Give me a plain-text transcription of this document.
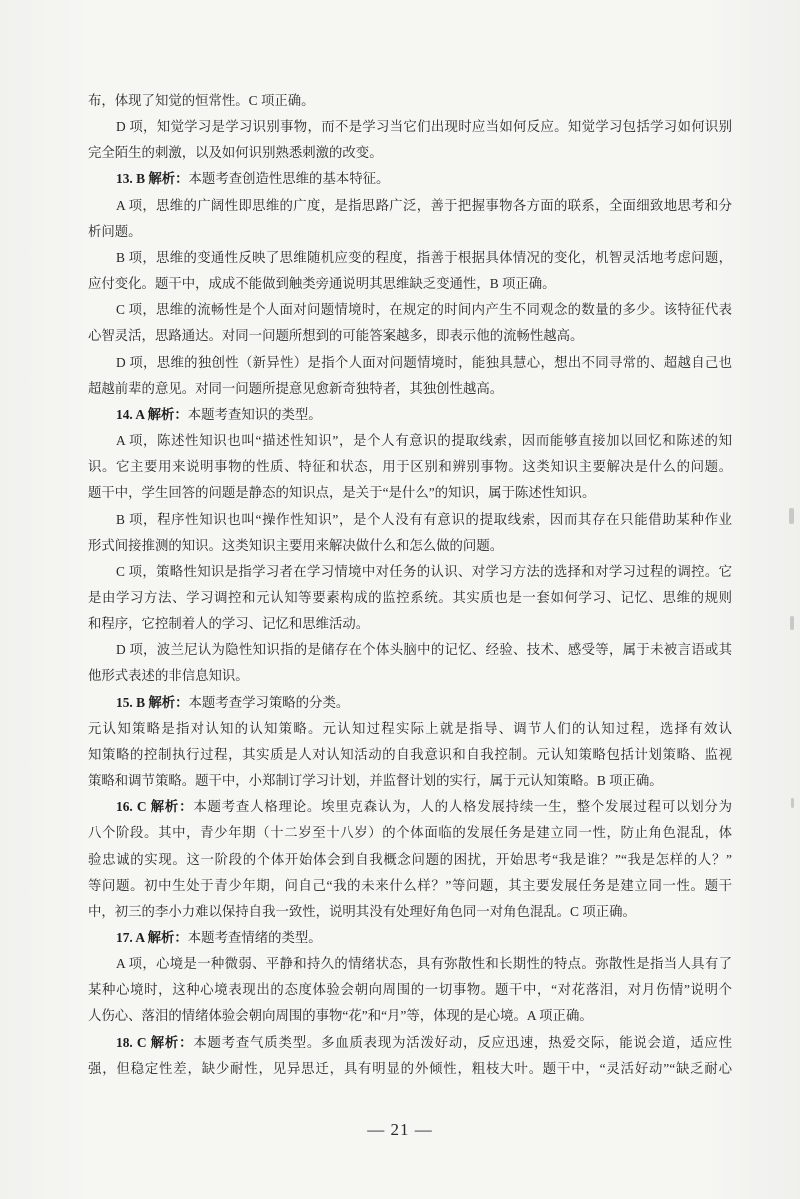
布，体现了知觉的恒常性。C 项正确。
D 项，知觉学习是学习识别事物，而不是学习当它们出现时应当如何反应。知觉学习包括学习如何识别
完全陌生的刺激，以及如何识别熟悉刺激的改变。
13. B 解析：本题考查创造性思维的基本特征。
A 项，思维的广阔性即思维的广度，是指思路广泛，善于把握事物各方面的联系，全面细致地思考和分
析问题。
B 项，思维的变通性反映了思维随机应变的程度，指善于根据具体情况的变化，机智灵活地考虑问题，
应付变化。题干中，成成不能做到触类旁通说明其思维缺乏变通性，B 项正确。
C 项，思维的流畅性是个人面对问题情境时，在规定的时间内产生不同观念的数量的多少。该特征代表
心智灵活，思路通达。对同一问题所想到的可能答案越多，即表示他的流畅性越高。
D 项，思维的独创性（新异性）是指个人面对问题情境时，能独具慧心，想出不同寻常的、超越自己也
超越前辈的意见。对同一问题所提意见愈新奇独特者，其独创性越高。
14. A 解析：本题考查知识的类型。
A 项，陈述性知识也叫“描述性知识”，是个人有意识的提取线索，因而能够直接加以回忆和陈述的知
识。它主要用来说明事物的性质、特征和状态，用于区别和辨别事物。这类知识主要解决是什么的问题。
题干中，学生回答的问题是静态的知识点，是关于“是什么”的知识，属于陈述性知识。
B 项，程序性知识也叫“操作性知识”，是个人没有有意识的提取线索，因而其存在只能借助某种作业
形式间接推测的知识。这类知识主要用来解决做什么和怎么做的问题。
C 项，策略性知识是指学习者在学习情境中对任务的认识、对学习方法的选择和对学习过程的调控。它
是由学习方法、学习调控和元认知等要素构成的监控系统。其实质也是一套如何学习、记忆、思维的规则
和程序，它控制着人的学习、记忆和思维活动。
D 项，波兰尼认为隐性知识指的是储存在个体头脑中的记忆、经验、技术、感受等，属于未被言语或其
他形式表述的非信息知识。
15. B 解析：本题考查学习策略的分类。
元认知策略是指对认知的认知策略。元认知过程实际上就是指导、调节人们的认知过程，选择有效认
知策略的控制执行过程，其实质是人对认知活动的自我意识和自我控制。元认知策略包括计划策略、监视
策略和调节策略。题干中，小郑制订学习计划，并监督计划的实行，属于元认知策略。B 项正确。
16. C 解析：本题考查人格理论。埃里克森认为，人的人格发展持续一生，整个发展过程可以划分为
八个阶段。其中，青少年期（十二岁至十八岁）的个体面临的发展任务是建立同一性，防止角色混乱，体
验忠诚的实现。这一阶段的个体开始体会到自我概念问题的困扰，开始思考“我是谁？”“我是怎样的人？”
等问题。初中生处于青少年期，问自己“我的未来什么样？”等问题，其主要发展任务是建立同一性。题干
中，初三的李小力难以保持自我一致性，说明其没有处理好角色同一对角色混乱。C 项正确。
17. A 解析：本题考查情绪的类型。
A 项，心境是一种微弱、平静和持久的情绪状态，具有弥散性和长期性的特点。弥散性是指当人具有了
某种心境时，这种心境表现出的态度体验会朝向周围的一切事物。题干中，“对花落泪，对月伤情”说明个
人伤心、落泪的情绪体验会朝向周围的事物“花”和“月”等，体现的是心境。A 项正确。
18. C 解析：本题考查气质类型。多血质表现为活泼好动，反应迅速，热爱交际，能说会道，适应性
强，但稳定性差，缺少耐性，见异思迁，具有明显的外倾性，粗枝大叶。题干中，“灵活好动”“缺乏耐心
— 21 —
